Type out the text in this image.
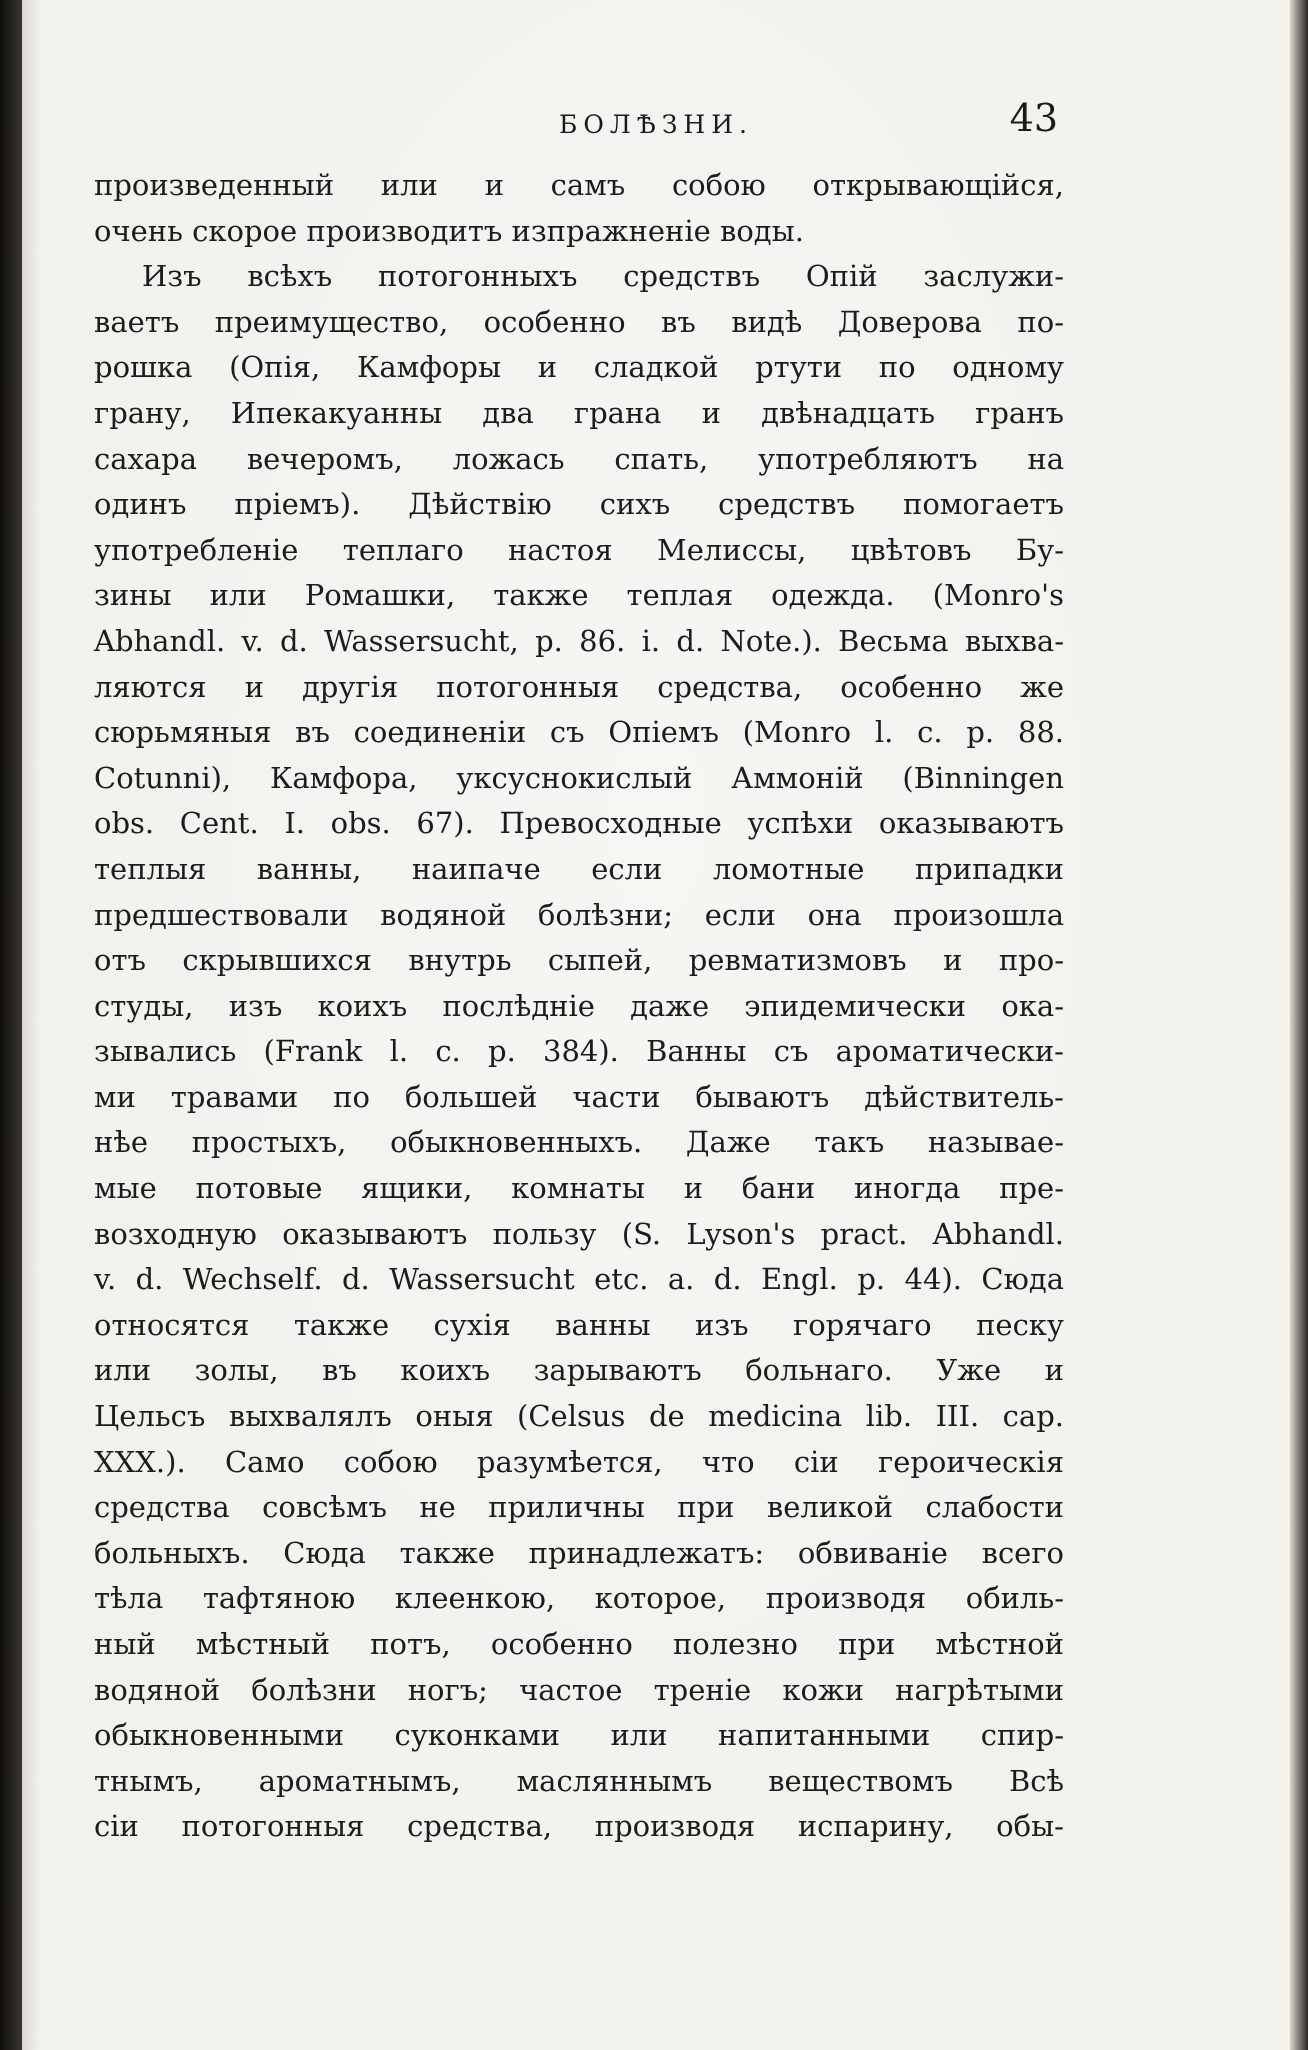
БОЛѢЗНИ.	43
произведенный или и самъ собою открывающійся,
очень скорое производитъ изпражненіе воды.
Изъ всѣхъ потогонныхъ средствъ Опій заслужи-
ваетъ преимущество, особенно въ видѣ Доверова по-
рошка (Опія, Камфоры и сладкой ртути по одному
грану, Ипекакуанны два грана и двѣнадцать гранъ
сахара вечеромъ, ложась спать, употребляютъ на
одинъ пріемъ). Дѣйствію сихъ средствъ помогаетъ
употребленіе теплаго настоя Мелиссы, цвѣтовъ Бу-
зины или Ромашки, также теплая одежда. (Monro's
Abhandl. v. d. Wassersucht, p. 86. i. d. Note.). Весьма выхва-
ляются и другія потогонныя средства, особенно же
сюрьмяныя въ соединеніи съ Опіемъ (Monro l. c. p. 88.
Cotunni), Камфора, уксуснокислый Аммоній (Binningen
obs. Cent. I. obs. 67). Превосходные успѣхи оказываютъ
теплыя ванны, наипаче если ломотные припадки
предшествовали водяной болѣзни; если она произошла
отъ скрывшихся внутрь сыпей, ревматизмовъ и про-
студы, изъ коихъ послѣдніе даже эпидемически ока-
зывались (Frank l. c. p. 384). Ванны съ ароматически-
ми травами по большей части бываютъ дѣйствитель-
нѣе простыхъ, обыкновенныхъ. Даже такъ называе-
мые потовые ящики, комнаты и бани иногда пре-
возходную оказываютъ пользу (S. Lyson's pract. Abhandl.
v. d. Wechself. d. Wassersucht etc. a. d. Engl. p. 44). Сюда
относятся также сухія ванны изъ горячаго песку
или золы, въ коихъ зарываютъ больнаго. Уже и
Цельсъ выхвалялъ оныя (Celsus de medicina lib. III. cap.
XXX.). Само собою разумѣется, что сіи героическія
средства совсѣмъ не приличны при великой слабости
больныхъ. Сюда также принадлежатъ: обвиваніе всего
тѣла тафтяною клеенкою, которое, производя обиль-
ный мѣстный потъ, особенно полезно при мѣстной
водяной болѣзни ногъ; частое треніе кожи нагрѣтыми
обыкновенными суконками или напитанными спир-
тнымъ, ароматнымъ, масляннымъ веществомъ Всѣ
сіи потогонныя средства, производя испарину, обы-
